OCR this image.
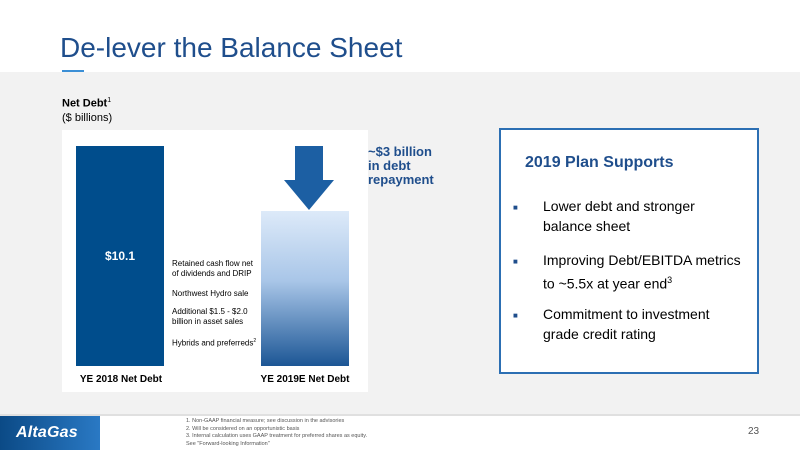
De-lever the Balance Sheet
Net Debt$^1$
($ billions)
$10.1
~$3 billion
in debt
repayment
Retained cash flow net
of dividends and DRIP
Northwest Hydro sale
Additional $1.5 - $2.0
billion in asset sales
Hybrids and preferreds$^2$
YE 2018 Net Debt	YE 2019E Net Debt
2019 Plan Supports
■ Lower debt and stronger balance sheet
■ Improving Debt/EBITDA metrics to ~5.5x at year end$^3$
■ Commitment to investment grade credit rating
AltaGas
1. Non-GAAP financial measure; see discussion in the advisories
2. Will be considered on an opportunistic basis
3. Internal calculation uses GAAP treatment for preferred shares as equity.
See "Forward-looking Information"
23
